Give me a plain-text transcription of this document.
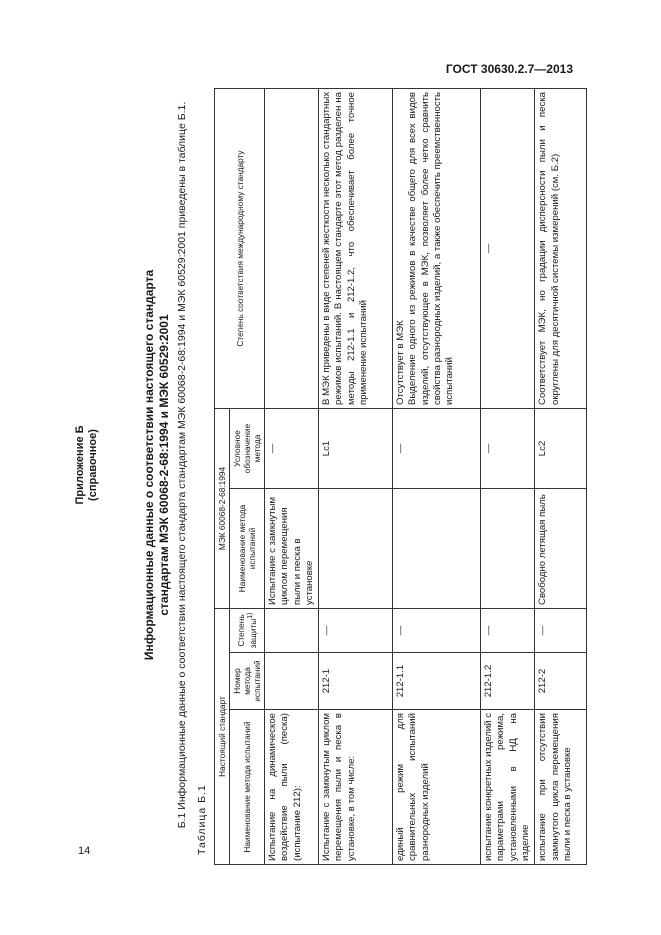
ГОСТ 30630.2.7—2013
14
Приложение Б (справочное)	Информационные данные о соответствии настоящего стандарта стандартам МЭК 60068-2-68:1994 и МЭК 60529:2001 Б.1 Информационные данные о соответствии настоящего стандарта стандартам МЭК 60068-2-68:1994 и МЭК 60529:2001 приведены в таблице Б.1. Таблица Б.1
Настоящий стандарт			МЭК 60068-2-68:1994		Степень соответствия международному стандарту
Наименование метода испытаний	Номер метода испытаний	Степень защиты$^{1)}$	Наименование метода испытаний	Условное обозначение метода	
Испытание на динамическое воздействие пыли (песка) (испытание 212):			Испытание с замкнутым циклом перемещения пыли и песка в установке	—	
Испытание с замкнутым циклом перемещения пыли и песка в установке, в том числе:	212-1	—		Lc1	В МЭК приведены в виде степеней жесткости несколько стандартных режимов испытаний. В настоящем стандарте этот метод разделен на методы 212-1.1 и 212-1.2, что обеспечивает более точное применение испытаний
единый режим для сравнительных испытаний разнородных изделий	212-1.1	—		—	Отсутствует в МЭК Выделение одного из режимов в качестве общего для всех видов изделий, отсутствующее в МЭК, позволяет более четко сравнить свойства разнородных изделий, а также обеспечить преемственность испытаний

испытание конкретных изделий с параметрами режима, установленными в НД на изделие	212-1.2	—		—	—
испытание при отсутствии замкнутого цикла перемещения пыли и песка в установке	212-2	—	Свободно летящая пыль	Lc2	Соответствует МЭК, но градации дисперсности пыли и песка округлены для десятичной системы измерений (см. Б.2)
